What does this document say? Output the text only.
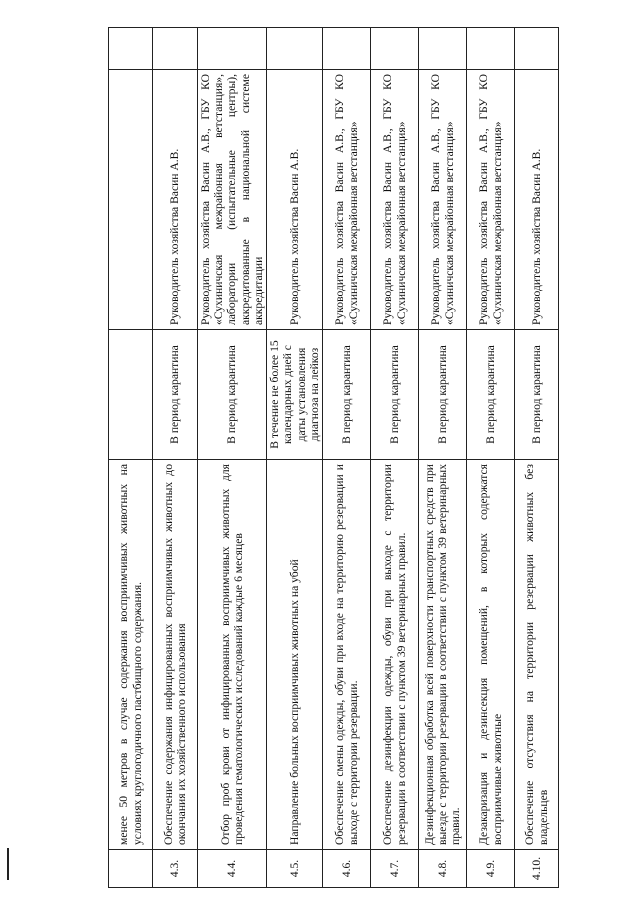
	менее 50 метров в случае содержания восприимчивых животных на условиях круглогодичного пастбищного содержания.			
4.3.	Обеспечение содержания инфицированных восприимчивых животных до окончания их хозяйственного использования	В период карантина	Руководитель хозяйства Васин А.В.	
4.4.	Отбор проб крови от инфицированных восприимчивых животных для проведения гематологических исследований каждые 6 месяцев	В период карантина	Руководитель хозяйства Васин А.В., ГБУ КО «Сухиничская межрайонная ветстанция», лаборатории (испытательные центры), аккредитованные в национальной системе аккредитации	
4.5.	Направление больных восприимчивых животных на убой	В течение не более 15 календарных дней с даты установления диагноза на лейкоз	Руководитель хозяйства Васин А.В.	
4.6.	Обеспечение смены одежды, обуви при входе на территорию резервации и выходе с территории резервации.	В период карантина	Руководитель хозяйства Васин А.В., ГБУ КО «Сухиничская межрайонная ветстанция»	
4.7.	Обеспечение дезинфекции одежды, обуви при выходе с территории резервации в соответствии с пунктом 39 ветеринарных правил.	В период карантина	Руководитель хозяйства Васин А.В., ГБУ КО «Сухиничская межрайонная ветстанция»	
4.8.	Дезинфекционная обработка всей поверхности транспортных средств при выезде с территории резервации в соответствии с пунктом 39 ветеринарных правил.	В период карантина	Руководитель хозяйства Васин А.В., ГБУ КО «Сухиничская межрайонная ветстанция»	
4.9.	Дезакаризация и дезинсекция помещений, в которых содержатся восприимчивые животные	В период карантина	Руководитель хозяйства Васин А.В., ГБУ КО «Сухиничская межрайонная ветстанция»	
4.10.	Обеспечение отсутствия на территории резервации животных без владельцев	В период карантина	Руководитель хозяйства Васин А.В.	
